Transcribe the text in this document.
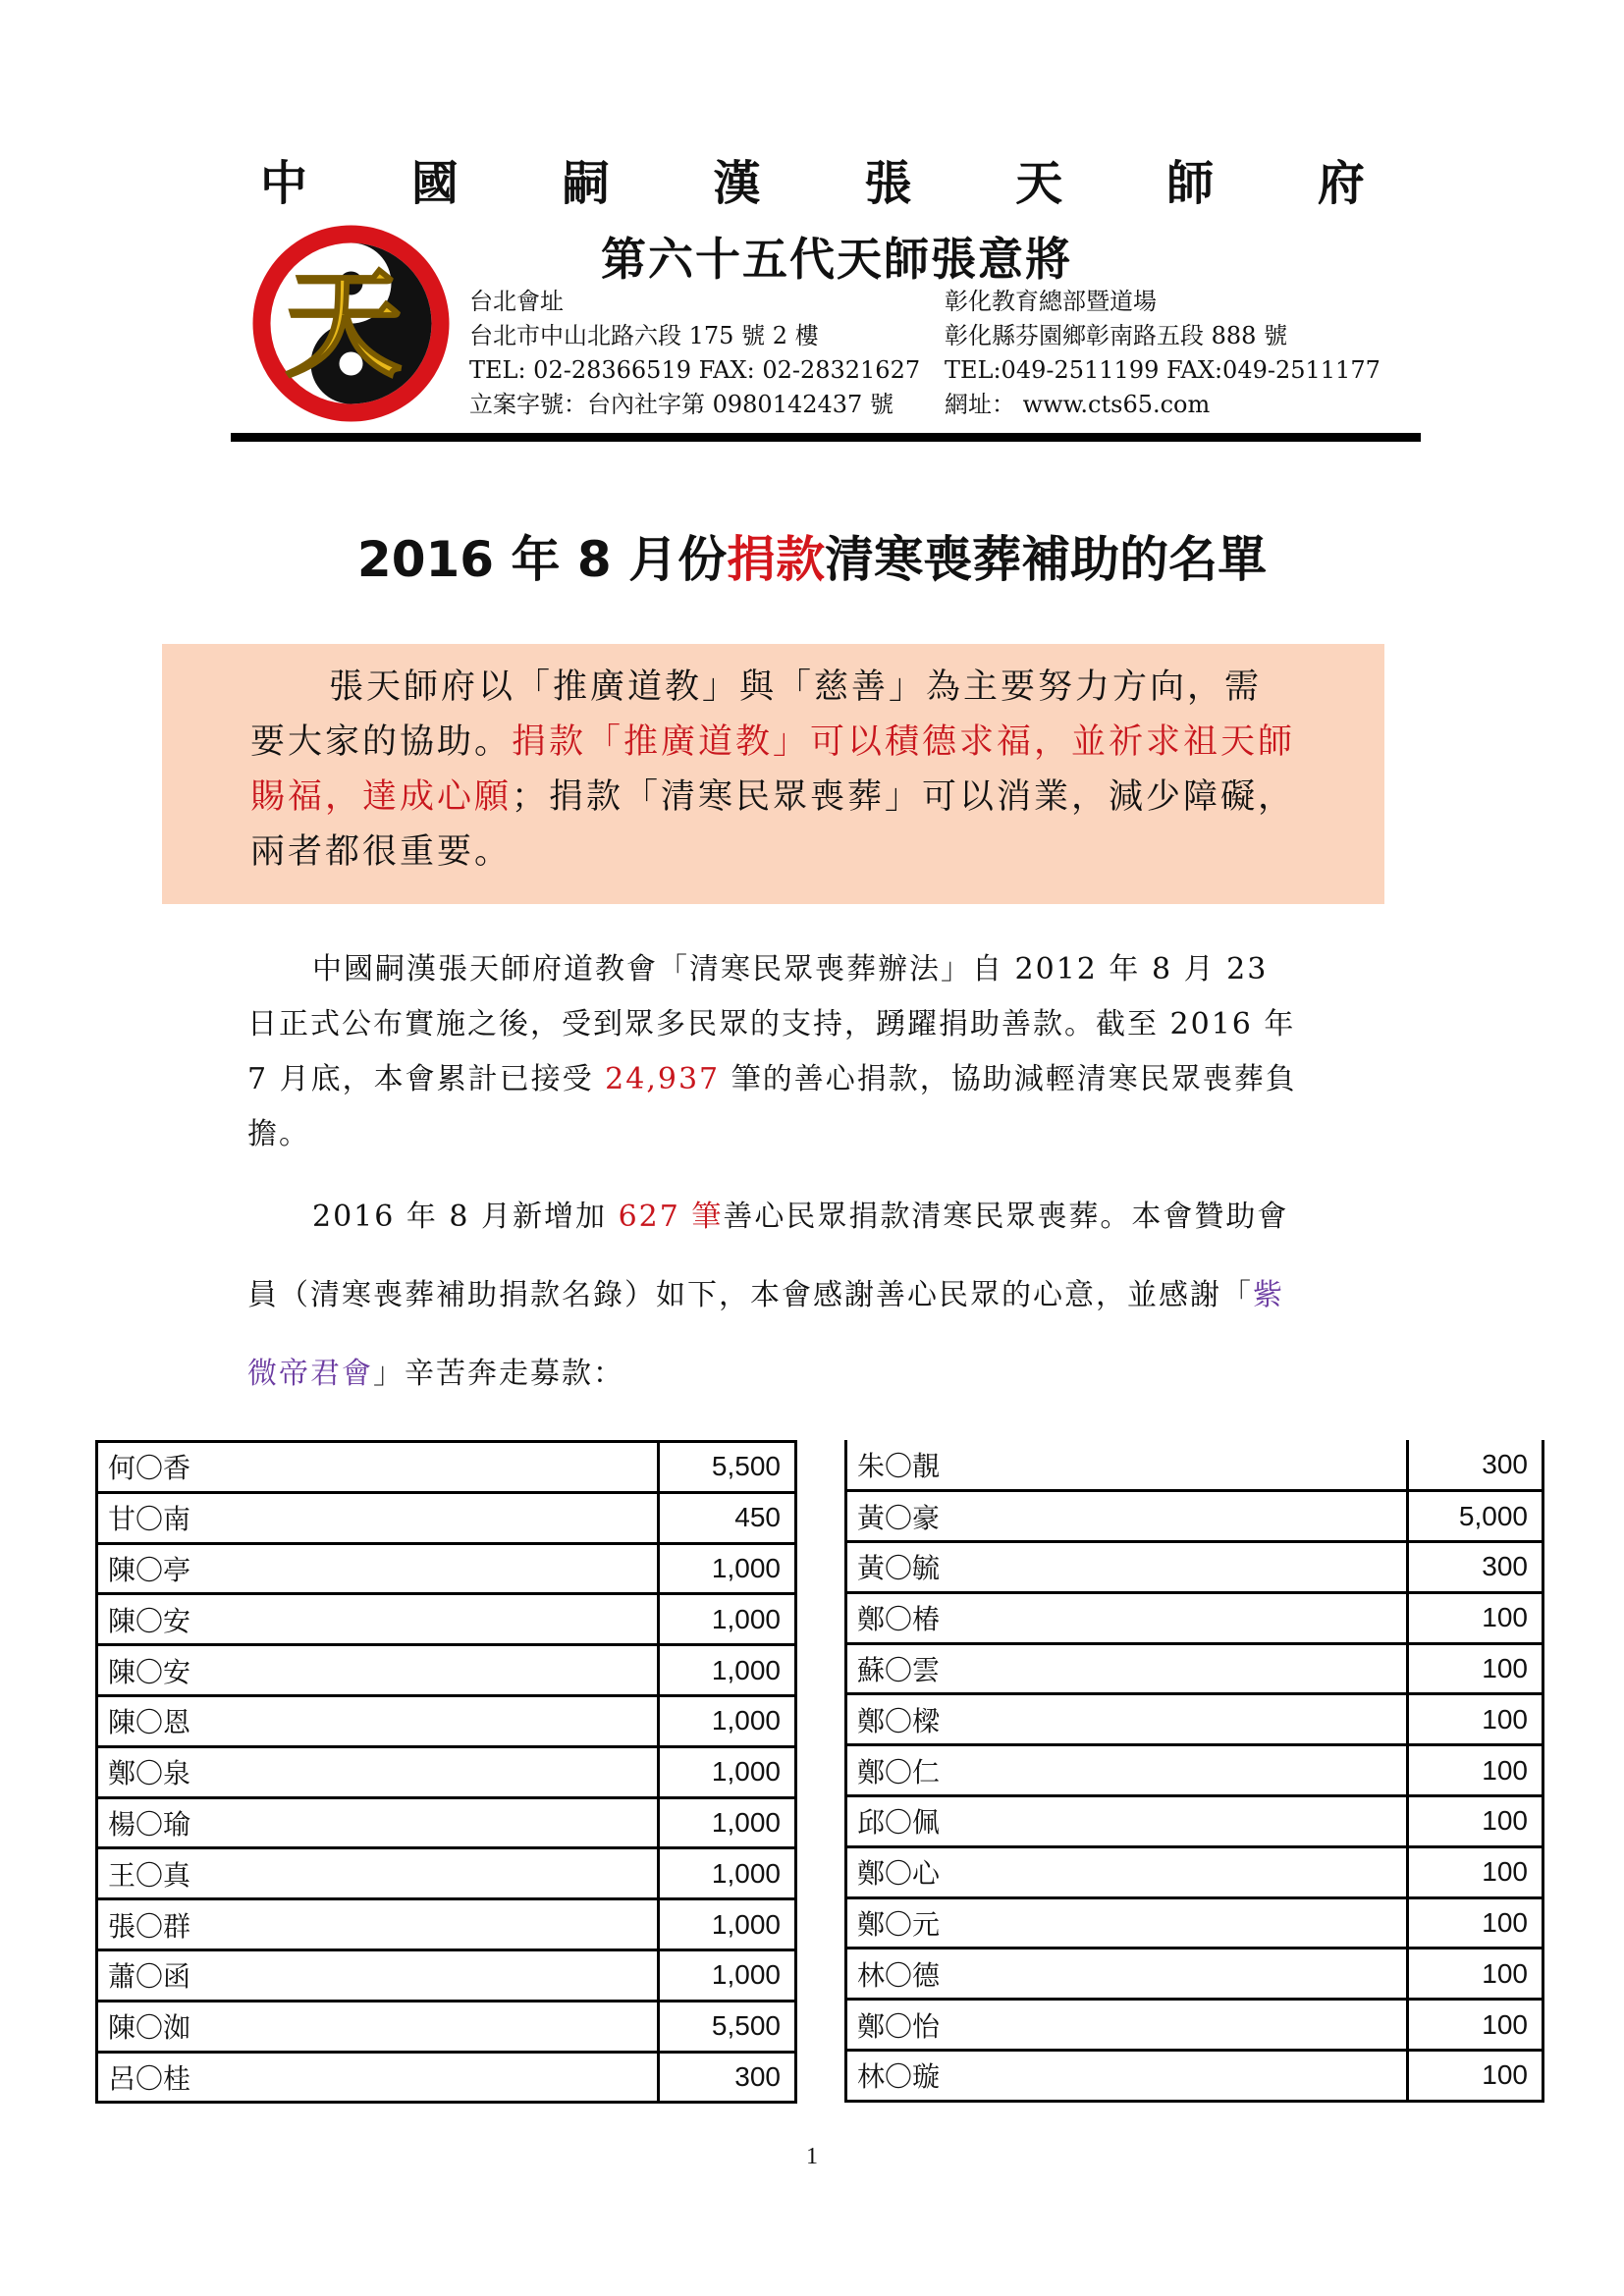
中 國 嗣 漢 張 天 師 府
天	第六十五代天師張意將
台北會址
台北市中山北路六段 175 號 2 樓
TEL: 02-28366519 FAX: 02-28321627
立案字號：台內社字第 0980142437 號
彰化教育總部暨道場
彰化縣芬園鄉彰南路五段 888 號
TEL:049-2511199 FAX:049-2511177
網址： www.cts65.com
2016 年 8 月份捐款清寒喪葬補助的名單
張天師府以「推廣道教」與「慈善」為主要努力方向，需要大家的協助。捐款「推廣道教」可以積德求福，並祈求祖天師賜福，達成心願；捐款「清寒民眾喪葬」可以消業，減少障礙，兩者都很重要。
中國嗣漢張天師府道教會「清寒民眾喪葬辦法」自 2012 年 8 月 23 日正式公布實施之後，受到眾多民眾的支持，踴躍捐助善款。截至 2016 年 7 月底，本會累計已接受 24,937 筆的善心捐款，協助減輕清寒民眾喪葬負擔。
2016 年 8 月新增加 627 筆善心民眾捐款清寒民眾喪葬。本會贊助會員（清寒喪葬補助捐款名錄）如下，本會感謝善心民眾的心意，並感謝「紫微帝君會」辛苦奔走募款：
何〇香	5,500
甘〇南	450
陳〇亭	1,000
陳〇安	1,000
陳〇安	1,000
陳〇恩	1,000
鄭〇泉	1,000
楊〇瑜	1,000
王〇真	1,000
張〇群	1,000
蕭〇函	1,000
陳〇洳	5,500
呂〇桂	300
朱〇靚	300
黃〇豪	5,000
黃〇毓	300
鄭〇椿	100
蘇〇雲	100
鄭〇樑	100
鄭〇仁	100
邱〇佩	100
鄭〇心	100
鄭〇元	100
林〇德	100
鄭〇怡	100
林〇璇	100
1
